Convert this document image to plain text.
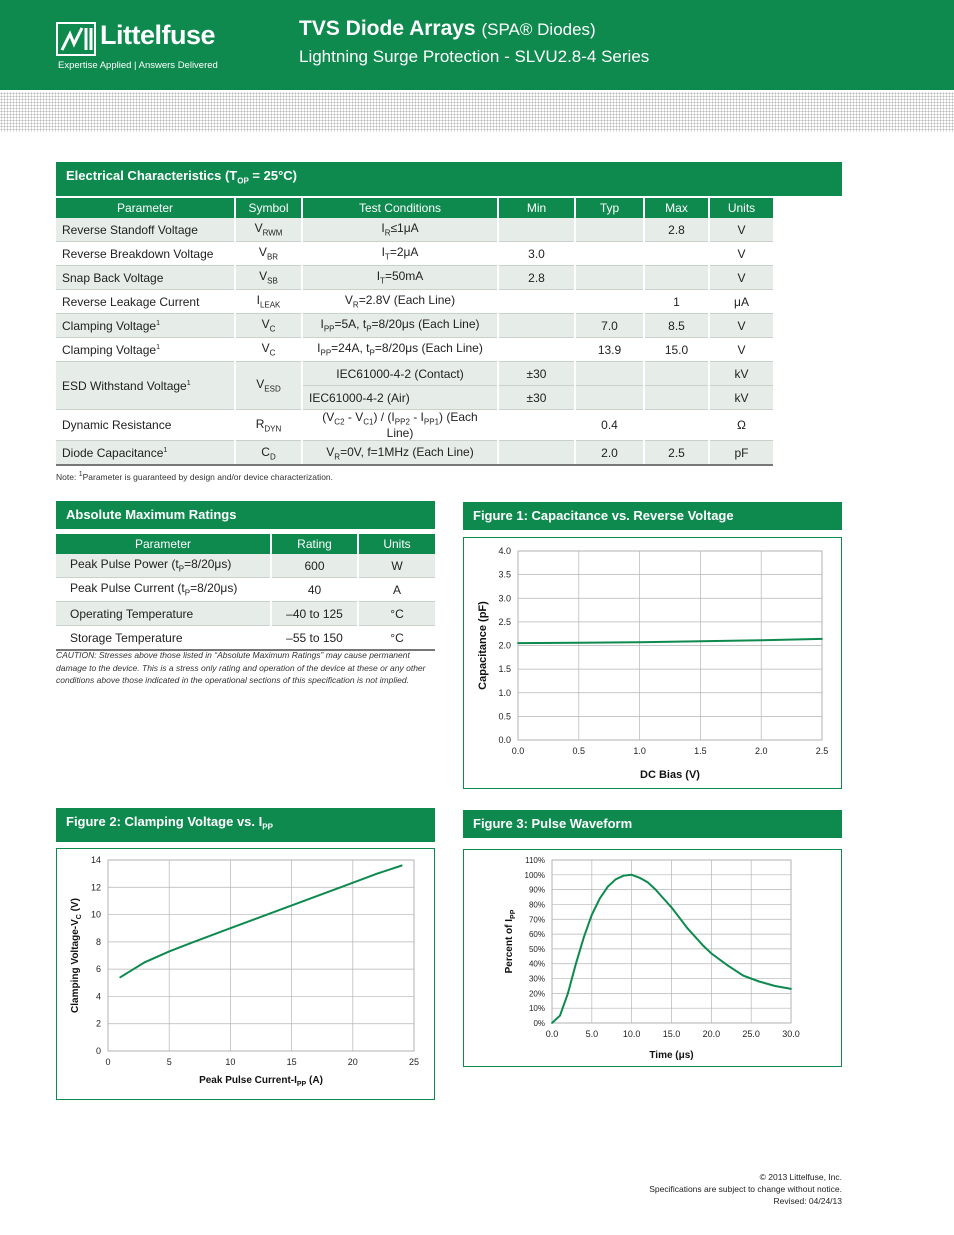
Littelfuse
Expertise Applied | Answers Delivered
TVS Diode Arrays (SPA® Diodes)
Lightning Surge Protection - SLVU2.8-4 Series
Electrical Characteristics $(T_{OP} = 25^\circ C)$
Parameter	Symbol	Test Conditions	Min	Typ	Max	Units
Reverse Standoff Voltage	$V_{RWM}$	$I_R\le 1\mu A$			2.8	V
Reverse Breakdown Voltage	$V_{BR}$	$I_T=2\mu A$	3.0			V
Snap Back Voltage	$V_{SB}$	$I_T=50mA$	2.8			V
Reverse Leakage Current	$I_{LEAK}$	$V_R=2.8V$ (Each Line)			1	μA
Clamping Voltage$^1$	$V_C$	$I_{PP}=5A$, $t_P=8/20\mu s$ (Each Line)		7.0	8.5	V
Clamping Voltage$^1$	$V_C$	$I_{PP}=24A$, $t_P=8/20\mu s$ (Each Line)		13.9	15.0	V
ESD Withstand Voltage$^1$	$V_{ESD}$	IEC61000-4-2 (Contact)	±30			kV
		IEC61000-4-2 (Air)	±30			kV
Dynamic Resistance	$R_{DYN}$	$(V_{C2} - V_{C1}) / (I_{PP2} - I_{PP1})$ (Each Line)		0.4		Ω
Diode Capacitance$^1$	$C_D$	$V_R=0V$, f=1MHz (Each Line)		2.0	2.5	pF
Note: $^1$Parameter is guaranteed by design and/or device characterization.
Absolute Maximum Ratings
Parameter	Rating	Units
Peak Pulse Power $(t_P=8/20\mu s)$	600	W
Peak Pulse Current $(t_P=8/20\mu s)$	40	A
Operating Temperature	–40 to 125	°C
Storage Temperature	–55 to 150	°C
CAUTION: Stresses above those listed in “Absolute Maximum Ratings” may cause permanent damage to the device. This is a stress only rating and operation of the device at these or any other conditions above those indicated in the operational sections of this specification is not implied.
Figure 1: Capacitance vs. Reverse Voltage
0.0	0.5	1.0	1.5	2.0	2.5
0.0
0.5
1.0
1.5
2.0
2.5
3.0
3.5
4.0
DC Bias (V)
Capacitance (pF)
Figure 2: Clamping Voltage vs. $I_{PP}$
0	5	10	15	20	25
0
2
4
6
8
10
12
14
Peak Pulse Current-$I_{PP}$ (A)
Clamping Voltage-$V_C$ (V)
Figure 3: Pulse Waveform
0.0	5.0	10.0 15.0 20.0 25.0 30.0
0%
10%
20%
30%
40%
50%
60%
70%
80%
90%
100%
110%
Time (μs)
Percent of $I_{PP}$
© 2013 Littelfuse, Inc.
Specifications are subject to change without notice.
Revised: 04/24/13
